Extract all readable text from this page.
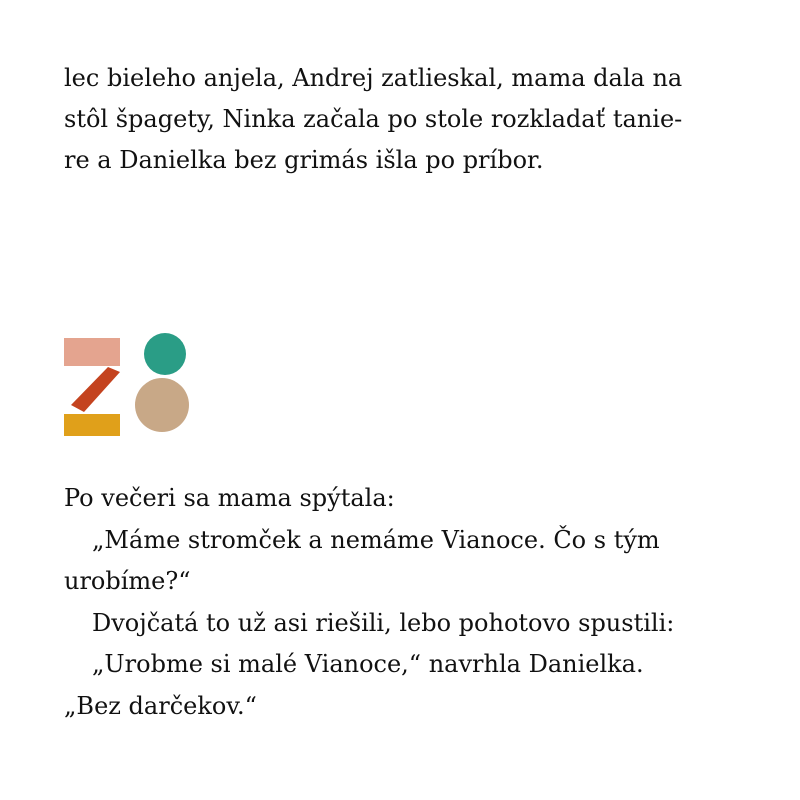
lec bieleho anjela, Andrej zatlieskal, mama dala na
stôl špagety, Ninka začala po stole rozkladať tanie-
re a Danielka bez grimás išla po príbor.

Po večeri sa mama spýtala:
„Máme stromček a nemáme Vianoce. Čo s tým
urobíme?“
Dvojčatá to už asi riešili, lebo pohotovo spustili:
„Urobme si malé Vianoce,“ navrhla Danielka.
„Bez darčekov.“
